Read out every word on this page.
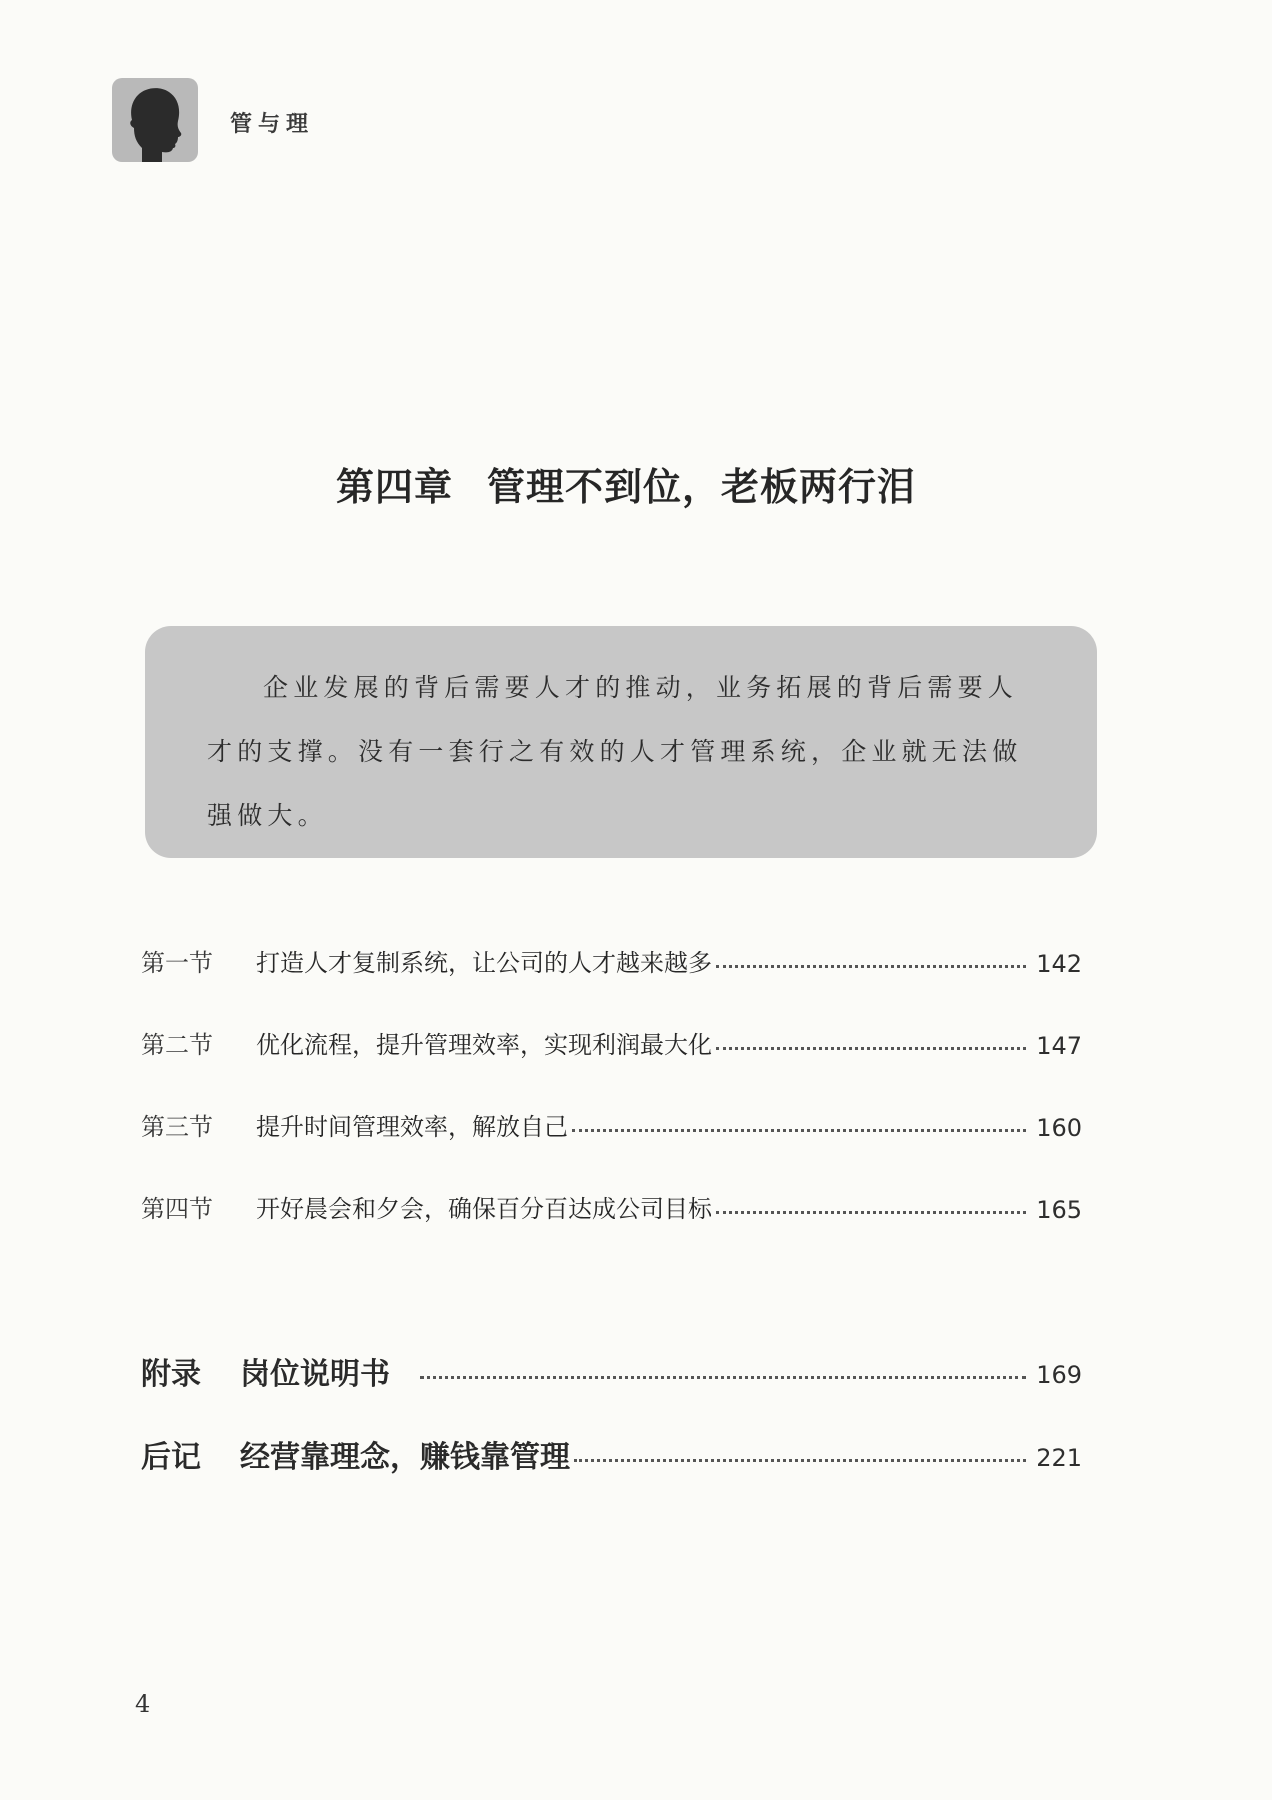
管与理
第四章 管理不到位，老板两行泪

企业发展的背后需要人才的推动，业务拓展的背后需要人才的支撑。没有一套行之有效的人才管理系统，企业就无法做强做大。

第一节	打造人才复制系统，让公司的人才越来越多	142
第二节	优化流程，提升管理效率，实现利润最大化	147
第三节	提升时间管理效率，解放自己	160
第四节	开好晨会和夕会，确保百分百达成公司目标	165
附录	岗位说明书	169
后记	经营靠理念，赚钱靠管理	221
4
